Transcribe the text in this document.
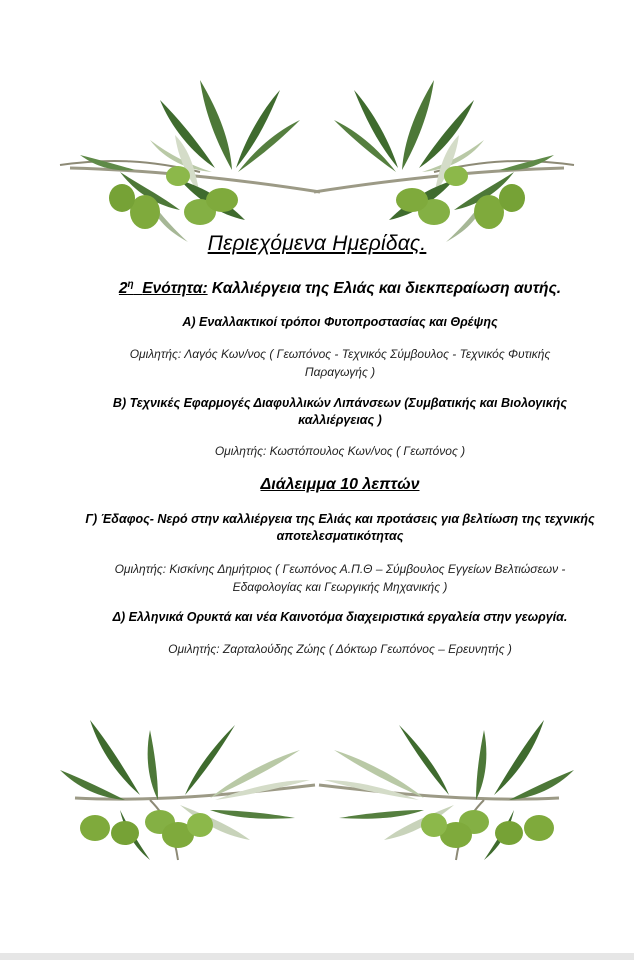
Περιεχόμενα Ημερίδας.
$2^\eta$ Ενότητα: Καλλιέργεια της Ελιάς και διεκπεραίωση αυτής.
Α) Εναλλακτικοί τρόποι Φυτοπροστασίας και Θρέψης
Ομιλητής: Λαγός Κων/νος ( Γεωπόνος - Τεχνικός Σύμβουλος - Τεχνικός Φυτικής
Παραγωγής )
Β) Τεχνικές Εφαρμογές Διαφυλλικών Λιπάνσεων (Συμβατικής και Βιολογικής
καλλιέργειας )
Ομιλητής: Κωστόπουλος Κων/νος ( Γεωπόνος )
Διάλειμμα 10 λεπτών
Γ) Έδαφος- Νερό στην καλλιέργεια της Ελιάς και προτάσεις για βελτίωση της τεχνικής
αποτελεσματικότητας
Ομιλητής: Κισκίνης Δημήτριος ( Γεωπόνος Α.Π.Θ – Σύμβουλος Εγγείων Βελτιώσεων -
Εδαφολογίας και Γεωργικής Μηχανικής )
Δ) Ελληνικά Ορυκτά και νέα Καινοτόμα διαχειριστικά εργαλεία στην γεωργία.
Ομιλητής: Ζαρταλούδης Ζώης ( Δόκτωρ Γεωπόνος – Ερευνητής )
